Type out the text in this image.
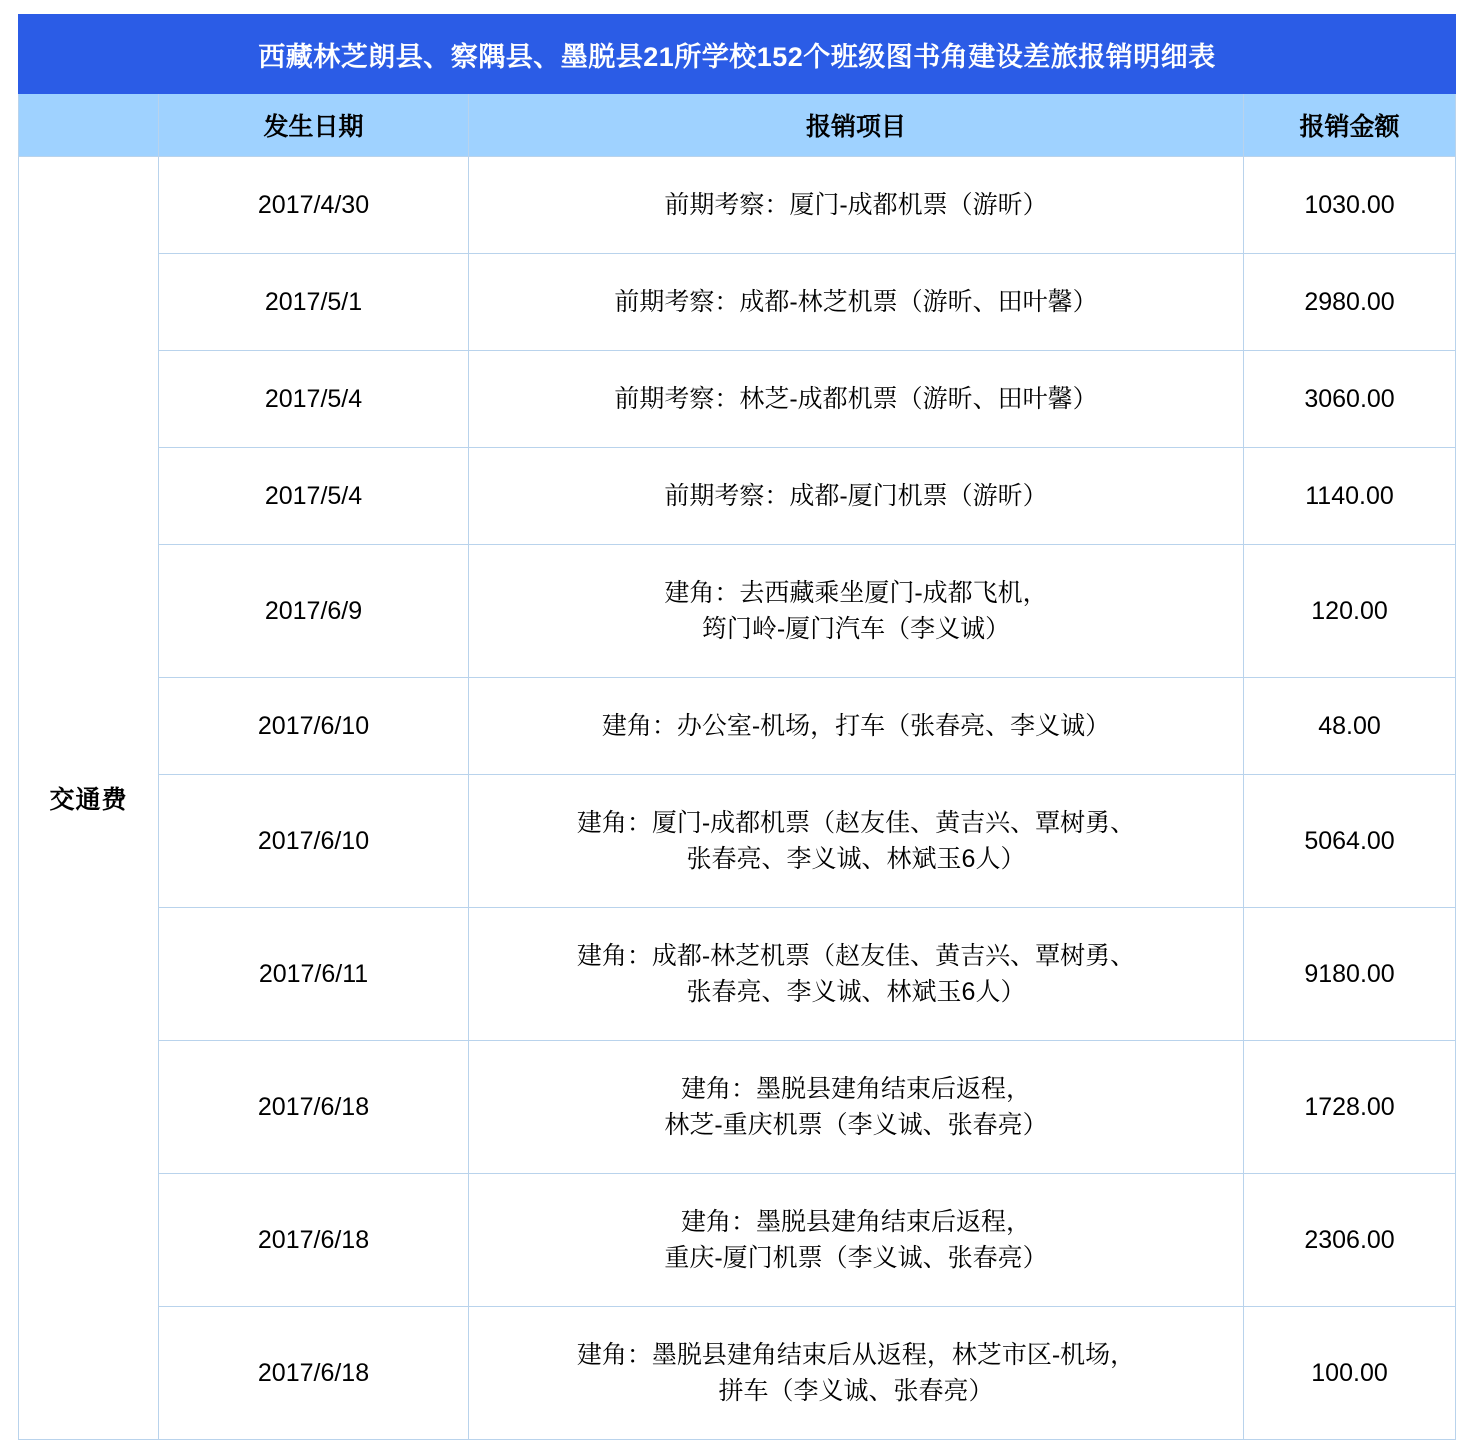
西藏林芝朗县、察隅县、墨脱县21所学校152个班级图书角建设差旅报销明细表			
	发生日期	报销项目	报销金额
交通费	2017/4/30	前期考察：厦门-成都机票（游昕）	1030.00
	2017/5/1	前期考察：成都-林芝机票（游昕、田叶馨）	2980.00
	2017/5/4	前期考察：林芝-成都机票（游昕、田叶馨）	3060.00
	2017/5/4	前期考察：成都-厦门机票（游昕）	1140.00
	2017/6/9	建角：去西藏乘坐厦门-成都飞机，
筠门岭-厦门汽车（李义诚）	120.00
	2017/6/10	建角：办公室-机场，打车（张春亮、李义诚）	48.00
	2017/6/10	建角：厦门-成都机票（赵友佳、黄吉兴、覃树勇、
张春亮、李义诚、林斌玉6人）	5064.00
	2017/6/11	建角：成都-林芝机票（赵友佳、黄吉兴、覃树勇、
张春亮、李义诚、林斌玉6人）	9180.00
	2017/6/18	建角：墨脱县建角结束后返程，
林芝-重庆机票（李义诚、张春亮）	1728.00
	2017/6/18	建角：墨脱县建角结束后返程，
重庆-厦门机票（李义诚、张春亮）	2306.00
	2017/6/18	建角：墨脱县建角结束后从返程，林芝市区-机场，
拼车（李义诚、张春亮）	100.00
